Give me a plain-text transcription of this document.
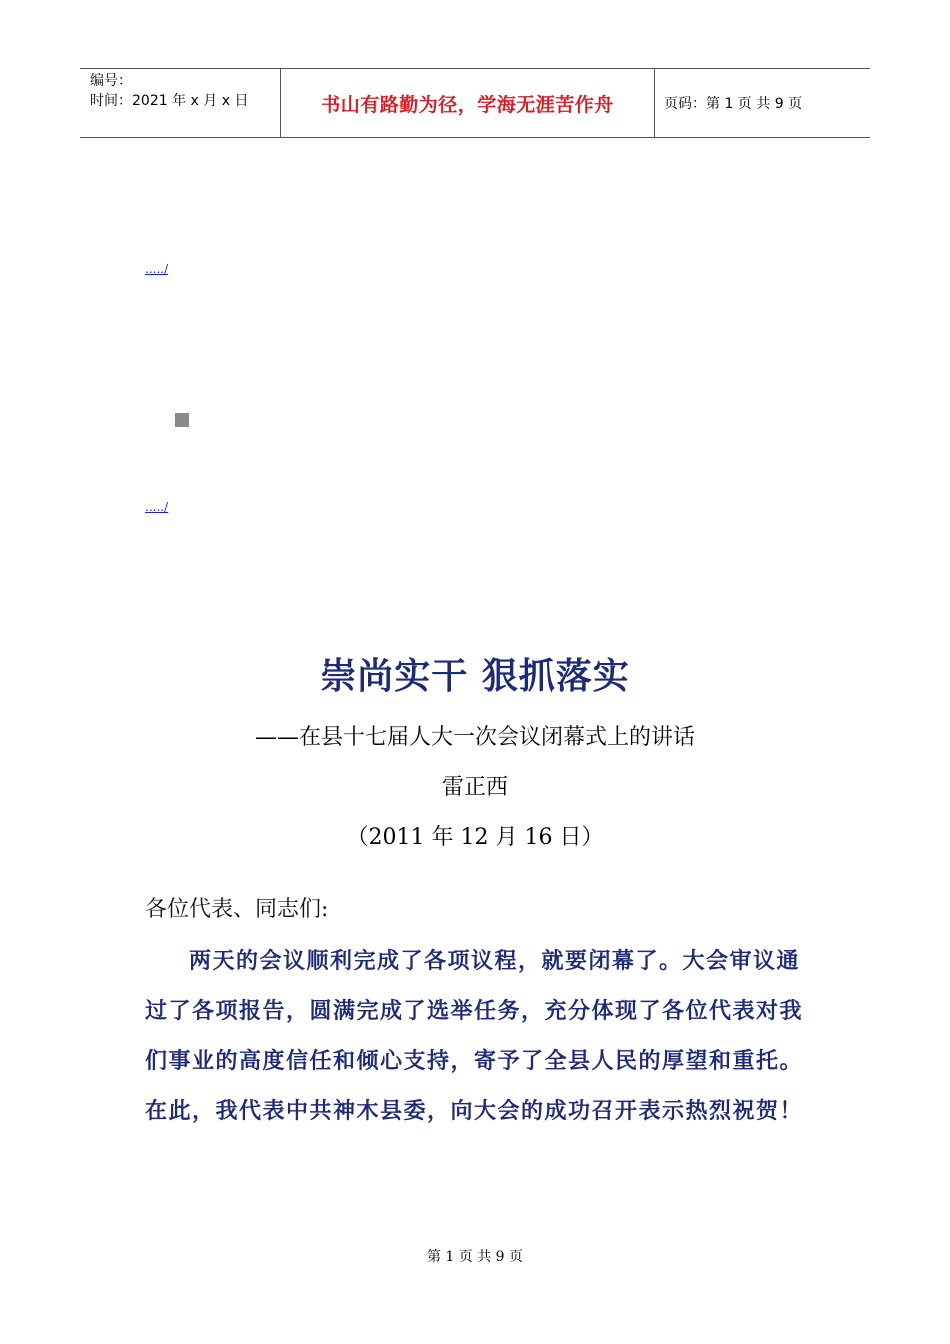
编号：
时间：2021 年 x 月 x 日	书山有路勤为径，学海无涯苦作舟	页码：第 1 页 共 9 页
...../
...../
崇尚实干 狠抓落实
——在县十七届人大一次会议闭幕式上的讲话
雷正西
（2011 年 12 月 16 日）
各位代表、同志们:

两天的会议顺利完成了各项议程，就要闭幕了。大会审议通过了各项报告，圆满完成了选举任务，充分体现了各位代表对我们事业的高度信任和倾心支持，寄予了全县人民的厚望和重托。在此，我代表中共神木县委，向大会的成功召开表示热烈祝贺！

第 1 页 共 9 页
